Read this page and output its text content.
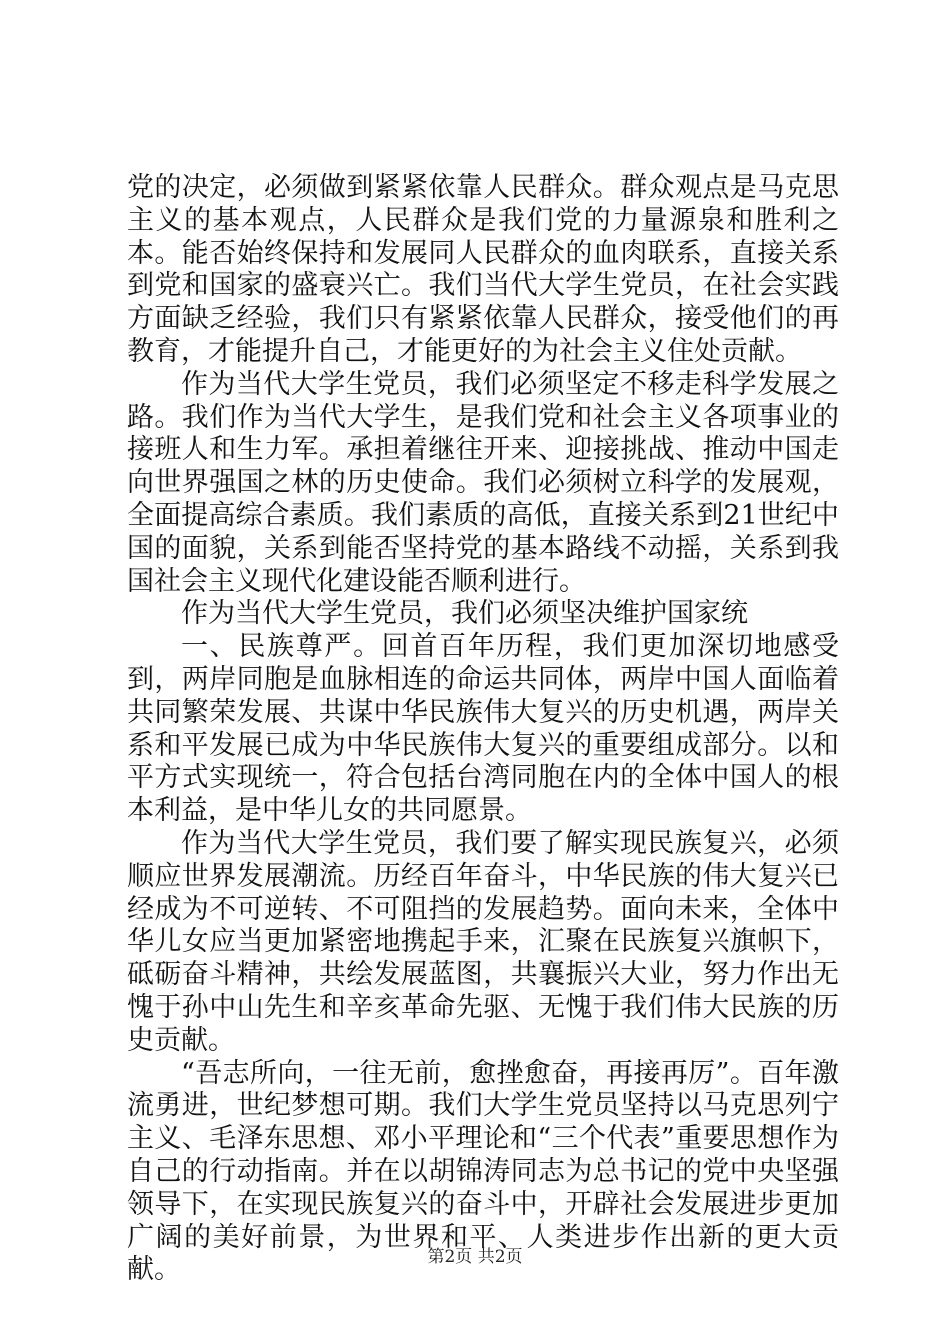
党的决定，必须做到紧紧依靠人民群众。群众观点是马克思主义的基本观点，人民群众是我们党的力量源泉和胜利之本。能否始终保持和发展同人民群众的血肉联系，直接关系到党和国家的盛衰兴亡。我们当代大学生党员，在社会实践方面缺乏经验，我们只有紧紧依靠人民群众，接受他们的再教育，才能提升自己，才能更好的为社会主义住处贡献。

作为当代大学生党员，我们必须坚定不移走科学发展之路。我们作为当代大学生，是我们党和社会主义各项事业的接班人和生力军。承担着继往开来、迎接挑战、推动中国走向世界强国之林的历史使命。我们必须树立科学的发展观，全面提高综合素质。我们素质的高低，直接关系到21世纪中国的面貌，关系到能否坚持党的基本路线不动摇，关系到我国社会主义现代化建设能否顺利进行。

作为当代大学生党员，我们必须坚决维护国家统

一、民族尊严。回首百年历程，我们更加深切地感受到，两岸同胞是血脉相连的命运共同体，两岸中国人面临着共同繁荣发展、共谋中华民族伟大复兴的历史机遇，两岸关系和平发展已成为中华民族伟大复兴的重要组成部分。以和平方式实现统一，符合包括台湾同胞在内的全体中国人的根本利益，是中华儿女的共同愿景。

作为当代大学生党员，我们要了解实现民族复兴，必须顺应世界发展潮流。历经百年奋斗，中华民族的伟大复兴已经成为不可逆转、不可阻挡的发展趋势。面向未来，全体中华儿女应当更加紧密地携起手来，汇聚在民族复兴旗帜下，砥砺奋斗精神，共绘发展蓝图，共襄振兴大业，努力作出无愧于孙中山先生和辛亥革命先驱、无愧于我们伟大民族的历史贡献。

“吾志所向，一往无前，愈挫愈奋，再接再厉”。百年激流勇进，世纪梦想可期。我们大学生党员坚持以马克思列宁主义、毛泽东思想、邓小平理论和“三个代表”重要思想作为自己的行动指南。并在以胡锦涛同志为总书记的党中央坚强领导下，在实现民族复兴的奋斗中，开辟社会发展进步更加广阔的美好前景，为世界和平、人类进步作出新的更大贡献。	第2页 共2页
